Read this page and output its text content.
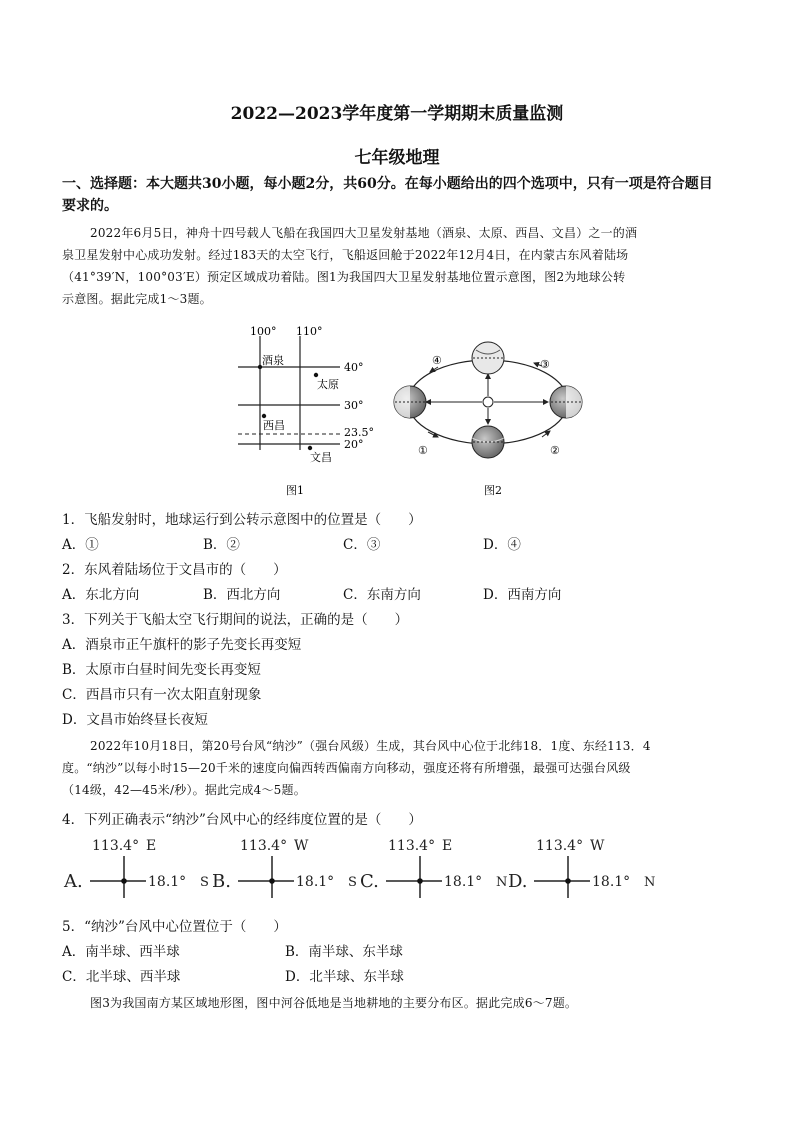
2022—2023学年度第一学期期末质量监测
七年级地理
一、选择题：本大题共30小题，每小题2分，共60分。在每小题给出的四个选项中，只有一项是符合题目
要求的。
2022年6月5日，神舟十四号载人飞船在我国四大卫星发射基地（酒泉、太原、西昌、文昌）之一的酒
泉卫星发射中心成功发射。经过183天的太空飞行，飞船返回舱于2022年12月4日，在内蒙古东风着陆场
（41°39′N，100°03′E）预定区域成功着陆。图1为我国四大卫星发射基地位置示意图，图2为地球公转
示意图。据此完成1～3题。
100° 110°
40°
30°
23.5°
20°
酒泉
太原
西昌
文昌
图1
①	②
③
④
图2
1．飞船发射时，地球运行到公转示意图中的位置是（　　）
A．①	B．②	C．③	D．④
2．东风着陆场位于文昌市的（　　）
A．东北方向	B．西北方向	C．东南方向	D．西南方向
3．下列关于飞船太空飞行期间的说法，正确的是（　　）
A．酒泉市正午旗杆的影子先变长再变短
B．太原市白昼时间先变长再变短
C．西昌市只有一次太阳直射现象
D．文昌市始终昼长夜短
2022年10月18日，第20号台风“纳沙”（强台风级）生成，其台风中心位于北纬18．1度、东经113．4
度。“纳沙”以每小时15—20千米的速度向偏西转西偏南方向移动，强度还将有所增强，最强可达强台风级
（14级，42—45米/秒）。据此完成4～5题。
4．下列正确表示“纳沙”台风中心的经纬度位置的是（　　）
A.
113.4° E
18.1° S B.
113.4° W
18.1° S C.
113.4° E
18.1° N D.
113.4° W
18.1° N
5．“纳沙”台风中心位置位于（　　）
A．南半球、西半球	B．南半球、东半球
C．北半球、西半球	D．北半球、东半球
图3为我国南方某区域地形图，图中河谷低地是当地耕地的主要分布区。据此完成6～7题。
